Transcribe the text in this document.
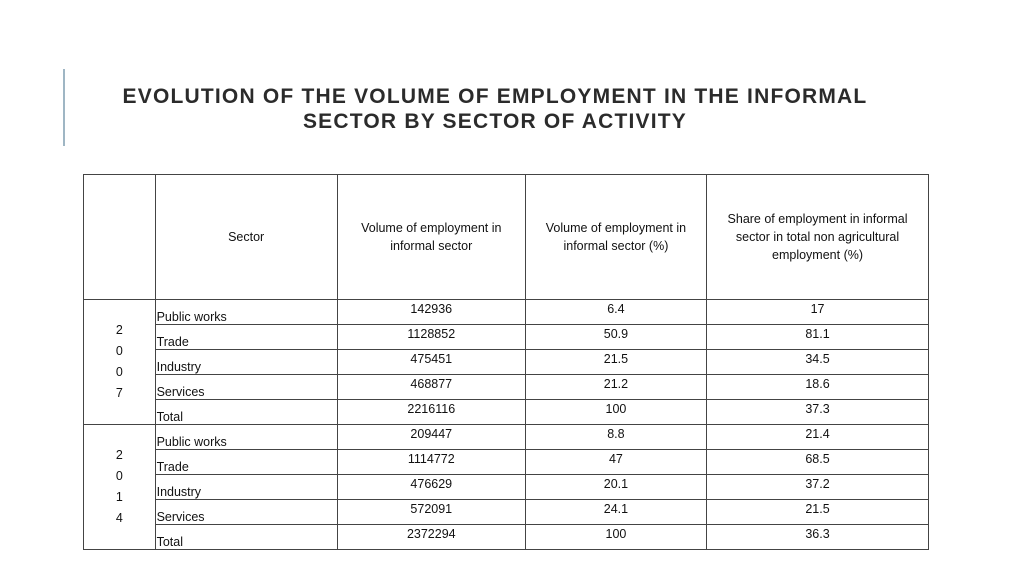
EVOLUTION OF THE VOLUME OF EMPLOYMENT IN THE INFORMAL
SECTOR BY SECTOR OF ACTIVITY
	Sector	Volume of employment in informal sector	Volume of employment in informal sector (%)	Share of employment in informal sector in total non agricultural employment (%)

2
0
0
7	Public works	142936	6.4	17
	Trade	1128852	50.9	81.1
	Industry	475451	21.5	34.5
	Services	468877	21.2	18.6
	Total	2216116	100	37.3

2
0
1
4	Public works	209447	8.8	21.4
	Trade	1114772	47	68.5
	Industry	476629	20.1	37.2
	Services	572091	24.1	21.5
	Total	2372294	100	36.3
